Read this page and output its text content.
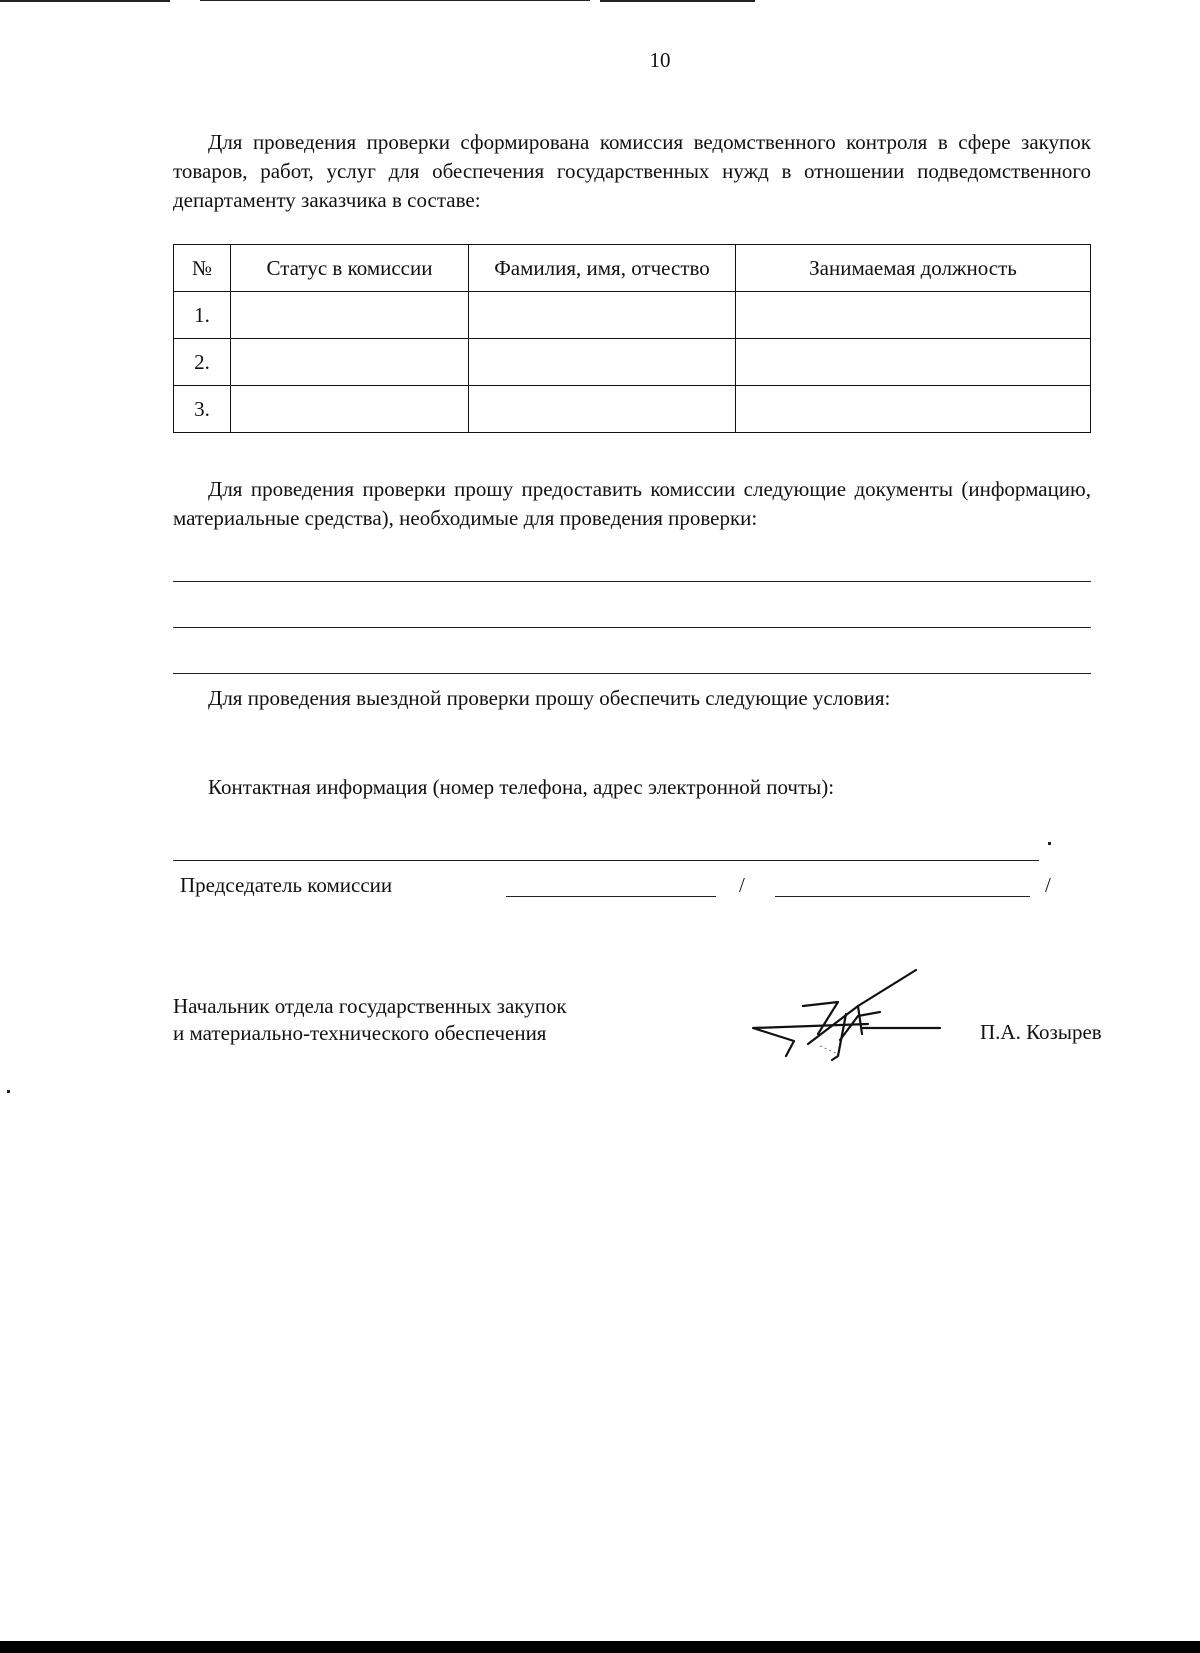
10
Для проведения проверки сформирована комиссия ведомственного контроля в сфере закупок товаров, работ, услуг для обеспечения государственных нужд в отношении подведомственного департаменту заказчика в составе:
№	Статус в комиссии	Фамилия, имя, отчество	Занимаемая должность
1.			
2.			
3.			
Для проведения проверки прошу предоставить комиссии следующие документы (информацию, материальные средства), необходимые для проведения проверки:
Для проведения выездной проверки прошу обеспечить следующие условия:
Контактная информация (номер телефона, адрес электронной почты):
Председатель комиссии	/	/
Начальник отдела государственных закупок
и материально-технического обеспечения	П.А. Козырев
